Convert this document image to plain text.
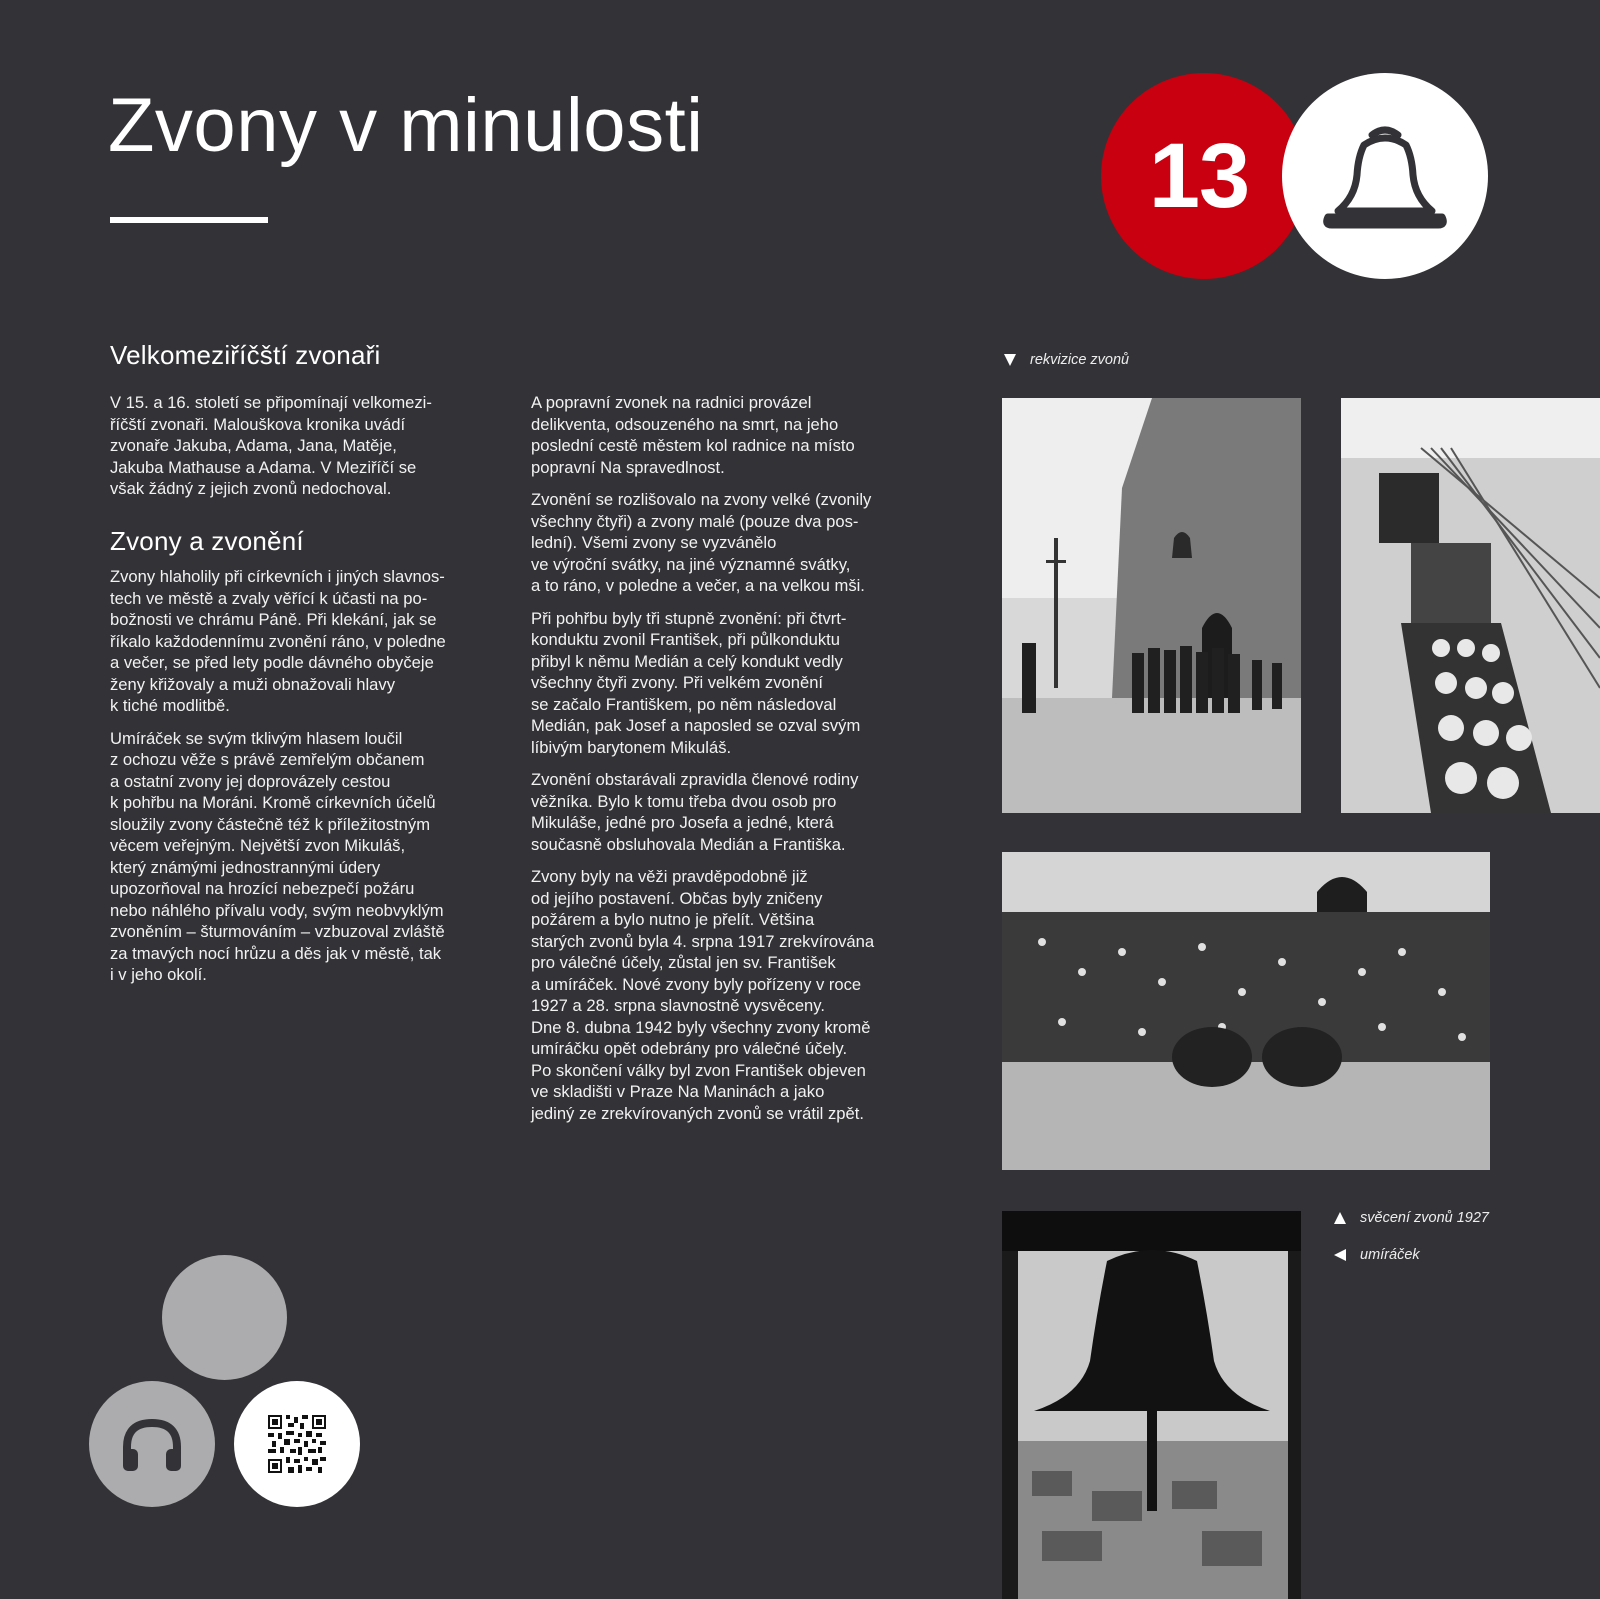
Zvony v minulosti	13
Velkomeziříčští zvonaři

V 15. a 16. století se připomínají velkomezi-
říčští zvonaři. Malouškova kronika uvádí
zvonaře Jakuba, Adama, Jana, Matěje,
Jakuba Mathause a Adama. V Meziříčí se
však žádný z jejich zvonů nedochoval.

Zvony a zvonění

Zvony hlaholily při církevních i jiných slavnos-
tech ve městě a zvaly věřící k účasti na po-
božnosti ve chrámu Páně. Při klekání, jak se
říkalo každodennímu zvonění ráno, v poledne
a večer, se před lety podle dávného obyčeje
ženy křižovaly a muži obnažovali hlavy
k tiché modlitbě.

Umíráček se svým tklivým hlasem loučil
z ochozu věže s právě zemřelým občanem
a ostatní zvony jej doprovázely cestou
k pohřbu na Moráni. Kromě církevních účelů
sloužily zvony částečně též k příležitostným
věcem veřejným. Největší zvon Mikuláš,
který známými jednostrannými údery
upozorňoval na hrozící nebezpečí požáru
nebo náhlého přívalu vody, svým neobvyklým
zvoněním – šturmováním – vzbuzoval zvláště
za tmavých nocí hrůzu a děs jak v městě, tak
i v jeho okolí.

A popravní zvonek na radnici provázel
delikventa, odsouzeného na smrt, na jeho
poslední cestě městem kol radnice na místo
popravní Na spravedlnost.

Zvonění se rozlišovalo na zvony velké (zvonily
všechny čtyři) a zvony malé (pouze dva pos-
lední). Všemi zvony se vyzvánělo
ve výroční svátky, na jiné významné svátky,
a to ráno, v poledne a večer, a na velkou mši.

Při pohřbu byly tři stupně zvonění: při čtvrt-
konduktu zvonil František, při půlkonduktu
přibyl k němu Medián a celý kondukt vedly
všechny čtyři zvony. Při velkém zvonění
se začalo Františkem, po něm následoval
Medián, pak Josef a naposled se ozval svým
líbivým barytonem Mikuláš.

Zvonění obstarávali zpravidla členové rodiny
věžníka. Bylo k tomu třeba dvou osob pro
Mikuláše, jedné pro Josefa a jedné, která
současně obsluhovala Medián a Františka.

Zvony byly na věži pravděpodobně již
od jejího postavení. Občas byly zničeny
požárem a bylo nutno je přelít. Většina
starých zvonů byla 4. srpna 1917 zrekvírována
pro válečné účely, zůstal jen sv. František
a umíráček. Nové zvony byly pořízeny v roce
1927 a 28. srpna slavnostně vysvěceny.
Dne 8. dubna 1942 byly všechny zvony kromě
umíráčku opět odebrány pro válečné účely.
Po skončení války byl zvon František objeven
ve skladišti v Praze Na Maninách a jako
jediný ze zrekvírovaných zvonů se vrátil zpět.

rekvizice zvonů
svěcení zvonů 1927
umíráček
